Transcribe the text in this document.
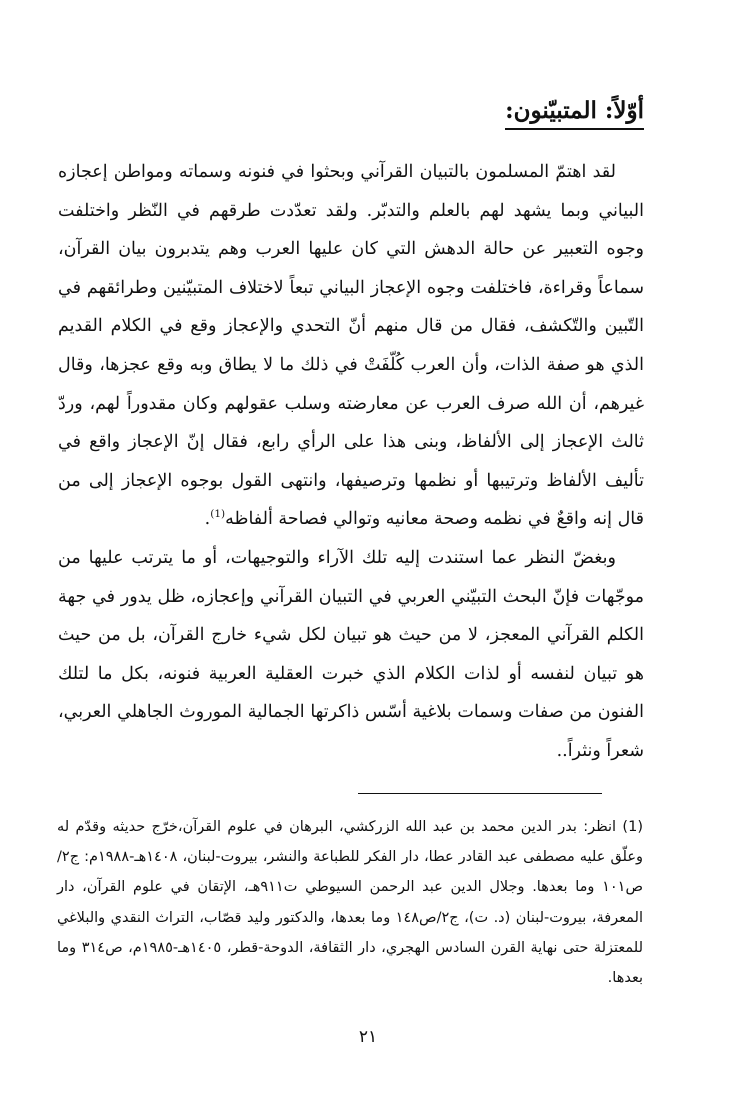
أوّلاً: المتبيّنون:

لقد اهتمّ المسلمون بالتبيان القرآني وبحثوا في فنونه وسماته ومواطن إعجازه البياني وبما يشهد لهم بالعلم والتدبّر. ولقد تعدّدت طرقهم في النّظر واختلفت وجوه التعبير عن حالة الدهش التي كان عليها العرب وهم يتدبرون بيان القرآن، سماعاً وقراءة، فاختلفت وجوه الإعجاز البياني تبعاً لاختلاف المتبيّنين وطرائقهم في التّبين والتّكشف، فقال من قال منهم أنّ التحدي والإعجاز وقع في الكلام القديم الذي هو صفة الذات، وأن العرب كُلّفَتْ في ذلك ما لا يطاق وبه وقع عجزها، وقال غيرهم، أن الله صرف العرب عن معارضته وسلب عقولهم وكان مقدوراً لهم، وردّ ثالث الإعجاز إلى الألفاظ، وبنى هذا على الرأي رابع، فقال إنّ الإعجاز واقع في تأليف الألفاظ وترتيبها أو نظمها وترصيفها، وانتهى القول بوجوه الإعجاز إلى من قال إنه واقعٌ في نظمه وصحة معانيه وتوالي فصاحة ألفاظه$^{(1)}$.

وبغضّ النظر عما استندت إليه تلك الآراء والتوجيهات، أو ما يترتب عليها من موجّهات فإنّ البحث التبيّني العربي في التبيان القرآني وإعجازه، ظل يدور في جهة الكلم القرآني المعجز، لا من حيث هو تبيان لكل شيء خارج القرآن، بل من حيث هو تبيان لنفسه أو لذات الكلام الذي خبرت العقلية العربية فنونه، بكل ما لتلك الفنون من صفات وسمات بلاغية أسّس ذاكرتها الجمالية الموروث الجاهلي العربي، شعراً ونثراً..

(1) انظر: بدر الدين محمد بن عبد الله الزركشي، البرهان في علوم القرآن،خرّج حديثه وقدّم له وعلّق عليه مصطفى عبد القادر عطا، دار الفكر للطباعة والنشر، بيروت-لبنان، ١٤٠٨هـ-١٩٨٨م: ج٢/ ص١٠١ وما بعدها. وجلال الدين عبد الرحمن السيوطي ت٩١١هـ، الإتقان في علوم القرآن، دار المعرفة، بيروت-لبنان (د. ت)، ج٢/ص١٤٨ وما بعدها، والدكتور وليد قصّاب، التراث النقدي والبلاغي للمعتزلة حتى نهاية القرن السادس الهجري، دار الثقافة، الدوحة-قطر، ١٤٠٥هـ-١٩٨٥م، ص٣١٤ وما بعدها.

٢١
